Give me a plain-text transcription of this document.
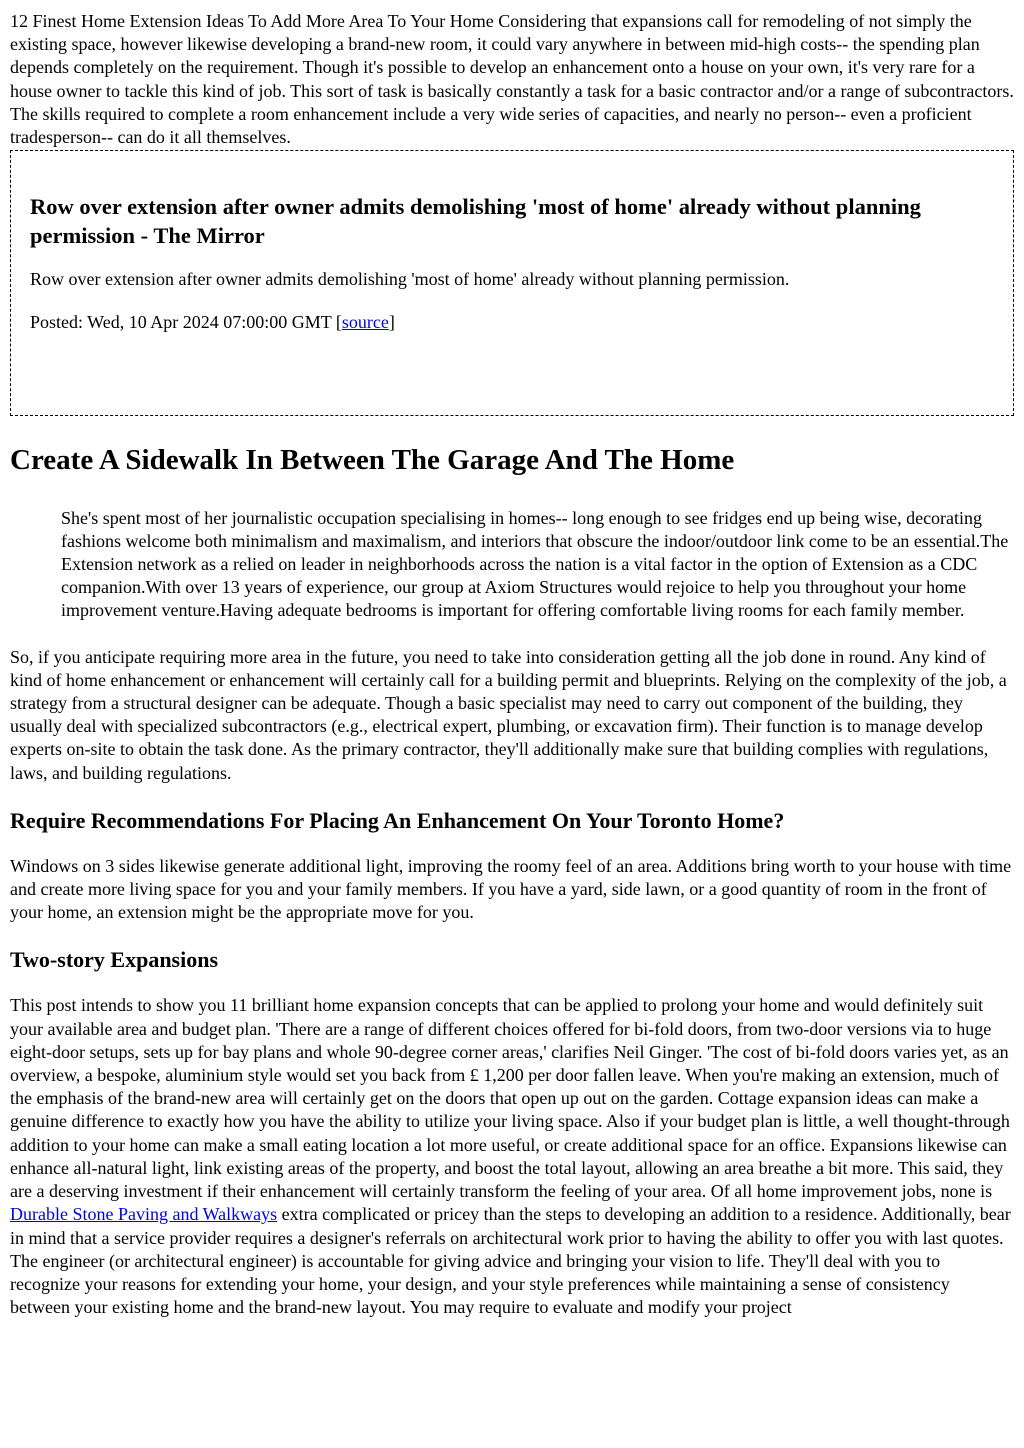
12 Finest Home Extension Ideas To Add More Area To Your Home Considering that expansions call for remodeling of not simply the existing space, however likewise developing a brand-new room, it could vary anywhere in between mid-high costs-- the spending plan depends completely on the requirement. Though it's possible to develop an enhancement onto a house on your own, it's very rare for a house owner to tackle this kind of job. This sort of task is basically constantly a task for a basic contractor and/or a range of subcontractors. The skills required to complete a room enhancement include a very wide series of capacities, and nearly no person-- even a proficient tradesperson-- can do it all themselves.

Row over extension after owner admits demolishing 'most of home' already without planning permission - The Mirror

Row over extension after owner admits demolishing 'most of home' already without planning permission.

Posted: Wed, 10 Apr 2024 07:00:00 GMT [source]

Create A Sidewalk In Between The Garage And The Home
She's spent most of her journalistic occupation specialising in homes-- long enough to see fridges end up being wise, decorating fashions welcome both minimalism and maximalism, and interiors that obscure the indoor/outdoor link come to be an essential.The Extension network as a relied on leader in neighborhoods across the nation is a vital factor in the option of Extension as a CDC companion.With over 13 years of experience, our group at Axiom Structures would rejoice to help you throughout your home improvement venture.Having adequate bedrooms is important for offering comfortable living rooms for each family member.

So, if you anticipate requiring more area in the future, you need to take into consideration getting all the job done in round. Any kind of kind of home enhancement or enhancement will certainly call for a building permit and blueprints. Relying on the complexity of the job, a strategy from a structural designer can be adequate. Though a basic specialist may need to carry out component of the building, they usually deal with specialized subcontractors (e.g., electrical expert, plumbing, or excavation firm). Their function is to manage develop experts on-site to obtain the task done. As the primary contractor, they'll additionally make sure that building complies with regulations, laws, and building regulations.

Require Recommendations For Placing An Enhancement On Your Toronto Home?

Windows on 3 sides likewise generate additional light, improving the roomy feel of an area. Additions bring worth to your house with time and create more living space for you and your family members. If you have a yard, side lawn, or a good quantity of room in the front of your home, an extension might be the appropriate move for you.

Two-story Expansions

This post intends to show you 11 brilliant home expansion concepts that can be applied to prolong your home and would definitely suit your available area and budget plan. 'There are a range of different choices offered for bi-fold doors, from two-door versions via to huge eight-door setups, sets up for bay plans and whole 90-degree corner areas,' clarifies Neil Ginger. 'The cost of bi-fold doors varies yet, as an overview, a bespoke, aluminium style would set you back from £ 1,200 per door fallen leave. When you're making an extension, much of the emphasis of the brand-new area will certainly get on the doors that open up out on the garden. Cottage expansion ideas can make a genuine difference to exactly how you have the ability to utilize your living space. Also if your budget plan is little, a well thought-through addition to your home can make a small eating location a lot more useful, or create additional space for an office. Expansions likewise can enhance all-natural light, link existing areas of the property, and boost the total layout, allowing an area breathe a bit more. This said, they are a deserving investment if their enhancement will certainly transform the feeling of your area. Of all home improvement jobs, none is Durable Stone Paving and Walkways extra complicated or pricey than the steps to developing an addition to a residence. Additionally, bear in mind that a service provider requires a designer's referrals on architectural work prior to having the ability to offer you with last quotes. The engineer (or architectural engineer) is accountable for giving advice and bringing your vision to life. They'll deal with you to recognize your reasons for extending your home, your design, and your style preferences while maintaining a sense of consistency between your existing home and the brand-new layout. You may require to evaluate and modify your project
